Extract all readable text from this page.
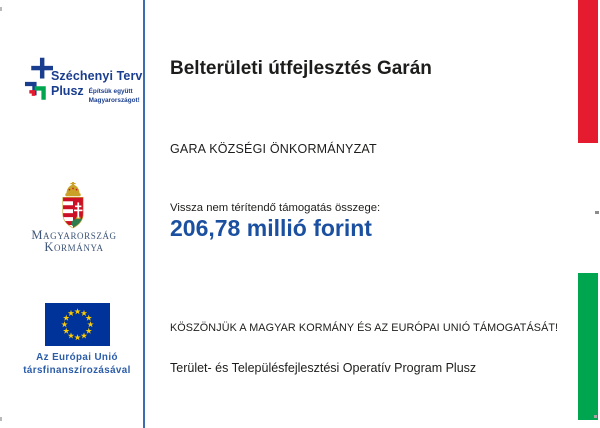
Széchenyi Terv
Plusz Építsük együtt
Magyarországot!
Magyarország
Kormánya
Az Európai Unió
társfinanszírozásával
Belterületi útfejlesztés Garán
GARA KÖZSÉGI ÖNKORMÁNYZAT
Vissza nem térítendő támogatás összege:
206,78 millió forint
KÖSZÖNJÜK A MAGYAR KORMÁNY ÉS AZ EURÓPAI UNIÓ TÁMOGATÁSÁT!
Terület- és Településfejlesztési Operatív Program Plusz
